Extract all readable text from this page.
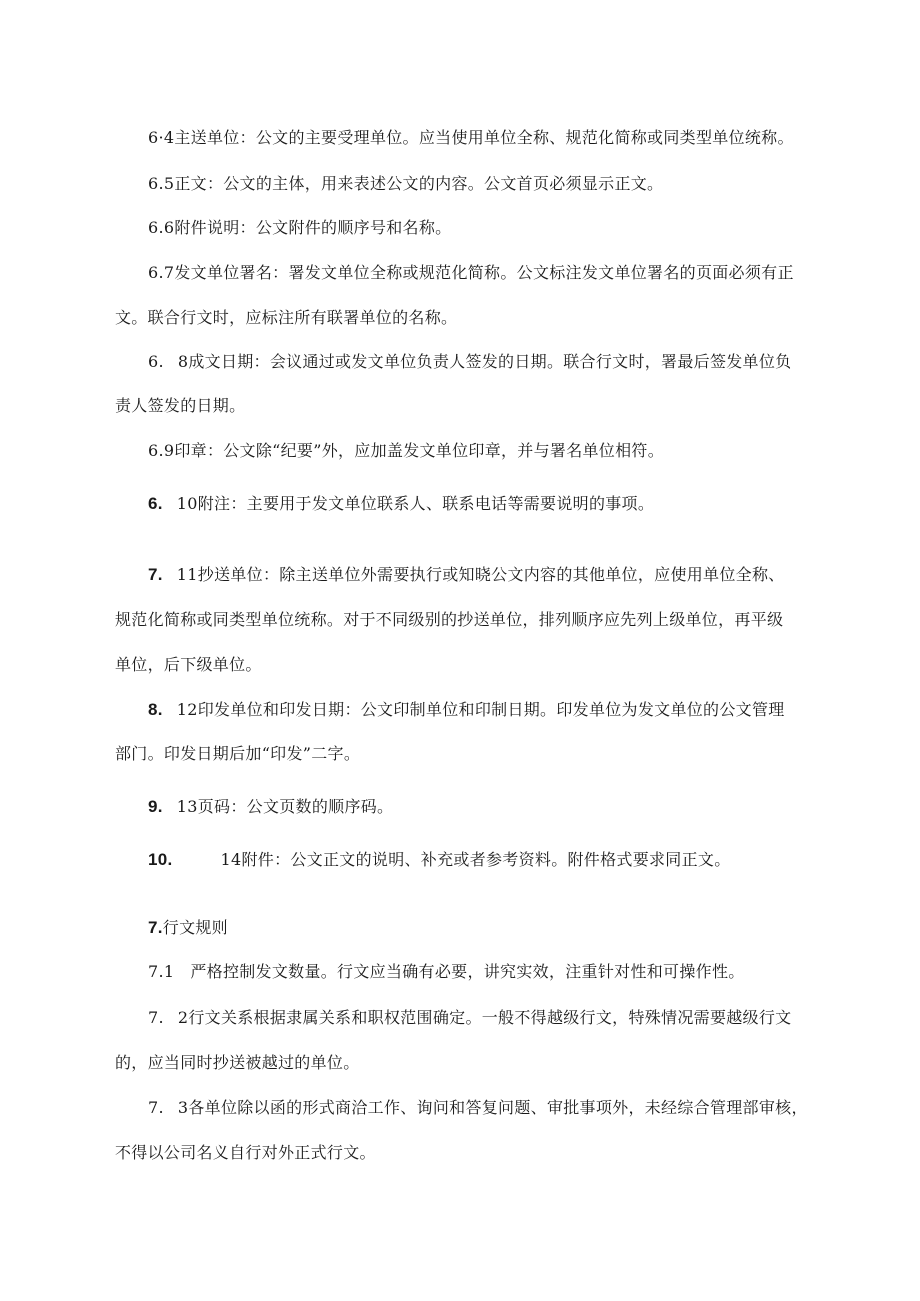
6·4主送单位：公文的主要受理单位。应当使用单位全称、规范化简称或同类型单位统称。
6.5正文：公文的主体，用来表述公文的内容。公文首页必须显示正文。
6.6附件说明：公文附件的顺序号和名称。
6.7发文单位署名：署发文单位全称或规范化简称。公文标注发文单位署名的页面必须有正
文。联合行文时，应标注所有联署单位的名称。
6. 8成文日期：会议通过或发文单位负责人签发的日期。联合行文时，署最后签发单位负
责人签发的日期。
6.9印章：公文除“纪要”外，应加盖发文单位印章，并与署名单位相符。
6. 10附注：主要用于发文单位联系人、联系电话等需要说明的事项。
7. 11抄送单位：除主送单位外需要执行或知晓公文内容的其他单位，应使用单位全称、
规范化简称或同类型单位统称。对于不同级别的抄送单位，排列顺序应先列上级单位，再平级
单位，后下级单位。
8. 12印发单位和印发日期：公文印制单位和印制日期。印发单位为发文单位的公文管理
部门。印发日期后加“印发”二字。
9. 13页码：公文页数的顺序码。
10.	14附件：公文正文的说明、补充或者参考资料。附件格式要求同正文。
7.行文规则
7.1 严格控制发文数量。行文应当确有必要，讲究实效，注重针对性和可操作性。
7. 2行文关系根据隶属关系和职权范围确定。一般不得越级行文，特殊情况需要越级行文
的，应当同时抄送被越过的单位。
7. 3各单位除以函的形式商洽工作、询问和答复问题、审批事项外，未经综合管理部审核，
不得以公司名义自行对外正式行文。
